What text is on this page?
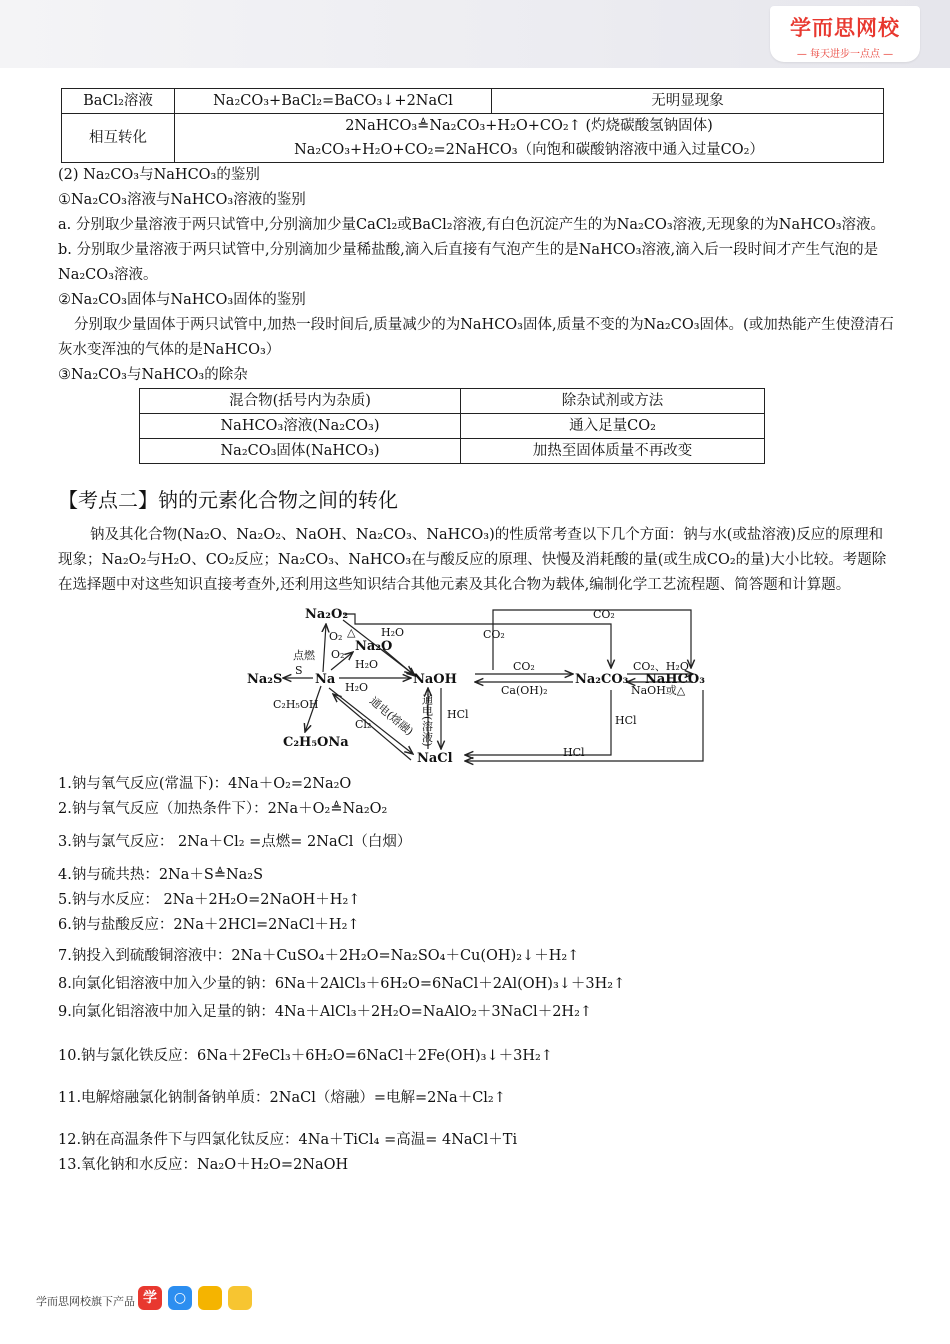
学而思网校
— 每天进步一点点 —
BaCl₂溶液	Na₂CO₃+BaCl₂=BaCO₃↓+2NaCl	无明显现象
相互转化	2NaHCO₃≜Na₂CO₃+H₂O+CO₂↑ (灼烧碳酸氢钠固体)
Na₂CO₃+H₂O+CO₂=2NaHCO₃（向饱和碳酸钠溶液中通入过量CO₂）	

(2) Na₂CO₃与NaHCO₃的鉴别

①Na₂CO₃溶液与NaHCO₃溶液的鉴别

a. 分别取少量溶液于两只试管中,分别滴加少量CaCl₂或BaCl₂溶液,有白色沉淀产生的为Na₂CO₃溶液,无现象的为NaHCO₃溶液。

b. 分别取少量溶液于两只试管中,分别滴加少量稀盐酸,滴入后直接有气泡产生的是NaHCO₃溶液,滴入后一段时间才产生气泡的是Na₂CO₃溶液。

②Na₂CO₃固体与NaHCO₃固体的鉴别

分别取少量固体于两只试管中,加热一段时间后,质量减少的为NaHCO₃固体,质量不变的为Na₂CO₃固体。(或加热能产生使澄清石灰水变浑浊的气体的是NaHCO₃）

③Na₂CO₃与NaHCO₃的除杂

混合物(括号内为杂质)	除杂试剂或方法
NaHCO₃溶液(Na₂CO₃)	通入足量CO₂
Na₂CO₃固体(NaHCO₃)	加热至固体质量不再改变
【考点二】钠的元素化合物之间的转化

钠及其化合物(Na₂O、Na₂O₂、NaOH、Na₂CO₃、NaHCO₃)的性质常考查以下几个方面：钠与水(或盐溶液)反应的原理和现象；Na₂O₂与H₂O、CO₂反应；Na₂CO₃、NaHCO₃在与酸反应的原理、快慢及消耗酸的量(或生成CO₂的量)大小比较。考题除在选择题中对这些知识直接考查外,还利用这些知识结合其他元素及其化合物为载体,编制化学工艺流程题、简答题和计算题。

Na₂O₂
Na
Na₂O
NaOH	Na₂CO₃ NaHCO₃
Na₂S
C₂H₅ONa
NaCl
O₂ △ H₂O
O₂
点燃
S	H₂O
H₂O
C₂H₅OH
Cl₂
通电(熔融) 通电(溶液) HCl
CO₂
CO₂
CO₂
Ca(OH)₂
CO₂、H₂O
NaOH或△
HCl
HCl

1.钠与氧气反应(常温下)：4Na＋O₂=2Na₂O

2.钠与氧气反应（加热条件下）：2Na＋O₂≜Na₂O₂

3.钠与氯气反应： 2Na＋Cl₂ =点燃= 2NaCl（白烟）

4.钠与硫共热：2Na＋S≜Na₂S

5.钠与水反应： 2Na＋2H₂O=2NaOH＋H₂↑

6.钠与盐酸反应：2Na＋2HCl=2NaCl＋H₂↑

7.钠投入到硫酸铜溶液中：2Na＋CuSO₄＋2H₂O=Na₂SO₄＋Cu(OH)₂↓＋H₂↑

8.向氯化铝溶液中加入少量的钠：6Na＋2AlCl₃＋6H₂O=6NaCl＋2Al(OH)₃↓＋3H₂↑

9.向氯化铝溶液中加入足量的钠：4Na＋AlCl₃＋2H₂O=NaAlO₂＋3NaCl＋2H₂↑

10.钠与氯化铁反应：6Na＋2FeCl₃＋6H₂O=6NaCl＋2Fe(OH)₃↓＋3H₂↑

11.电解熔融氯化钠制备钠单质：2NaCl（熔融）=电解=2Na＋Cl₂↑

12.钠在高温条件下与四氯化钛反应：4Na＋TiCl₄ =高温= 4NaCl＋Ti

13.氧化钠和水反应：Na₂O＋H₂O=2NaOH

学而思网校旗下产品 学	○
